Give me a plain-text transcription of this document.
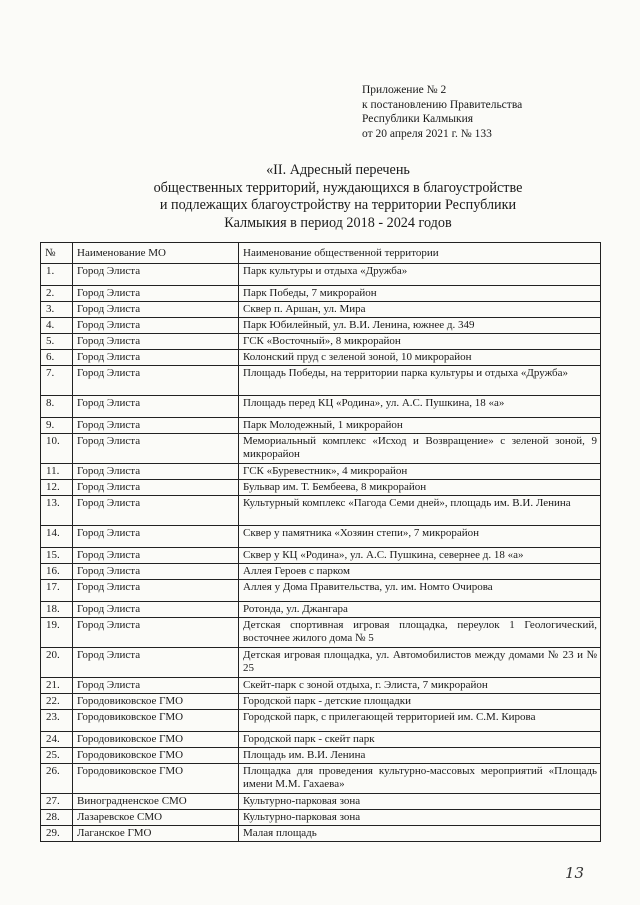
Приложение № 2
к постановлению Правительства
Республики Калмыкия
от 20 апреля 2021 г. № 133
«II. Адресный перечень
общественных территорий, нуждающихся в благоустройстве
и подлежащих благоустройству на территории Республики
Калмыкия в период 2018 - 2024 годов
№	Наименование МО	Наименование общественной территории
1.	Город Элиста	Парк культуры и отдыха «Дружба»
2.	Город Элиста	Парк Победы, 7 микрорайон
3.	Город Элиста	Сквер п. Аршан, ул. Мира
4.	Город Элиста	Парк Юбилейный, ул. В.И. Ленина, южнее д. 349
5.	Город Элиста	ГСК «Восточный», 8 микрорайон
6.	Город Элиста	Колонский пруд с зеленой зоной, 10 микрорайон
7.	Город Элиста	Площадь Победы, на территории парка культуры и отдыха «Дружба»
8.	Город Элиста	Площадь перед КЦ «Родина», ул. А.С. Пушкина, 18 «а»
9.	Город Элиста	Парк Молодежный, 1 микрорайон
10.	Город Элиста	Мемориальный комплекс «Исход и Возвращение» с зеленой зоной, 9 микрорайон
11.	Город Элиста	ГСК «Буревестник», 4 микрорайон
12.	Город Элиста	Бульвар им. Т. Бембеева, 8 микрорайон
13.	Город Элиста	Культурный комплекс «Пагода Семи дней», площадь им. В.И. Ленина
14.	Город Элиста	Сквер у памятника «Хозяин степи», 7 микрорайон
15.	Город Элиста	Сквер у КЦ «Родина», ул. А.С. Пушкина, севернее д. 18 «а»
16.	Город Элиста	Аллея Героев с парком
17.	Город Элиста	Аллея у Дома Правительства, ул. им. Номто Очирова
18.	Город Элиста	Ротонда, ул. Джангара
19.	Город Элиста	Детская спортивная игровая площадка, переулок 1 Геологический, восточнее жилого дома № 5
20.	Город Элиста	Детская игровая площадка, ул. Автомобилистов между домами № 23 и № 25
21.	Город Элиста	Скейт-парк с зоной отдыха, г. Элиста, 7 микрорайон
22.	Городовиковское ГМО	Городской парк - детские площадки
23.	Городовиковское ГМО	Городской парк, с прилегающей территорией им. С.М. Кирова
24.	Городовиковское ГМО	Городской парк - скейт парк
25.	Городовиковское ГМО	Площадь им. В.И. Ленина
26.	Городовиковское ГМО	Площадка для проведения культурно-массовых мероприятий «Площадь имени М.М. Гахаева»
27.	Виноградненское СМО	Культурно-парковая зона
28.	Лазаревское СМО	Культурно-парковая зона
29.	Лаганское ГМО	Малая площадь
13
